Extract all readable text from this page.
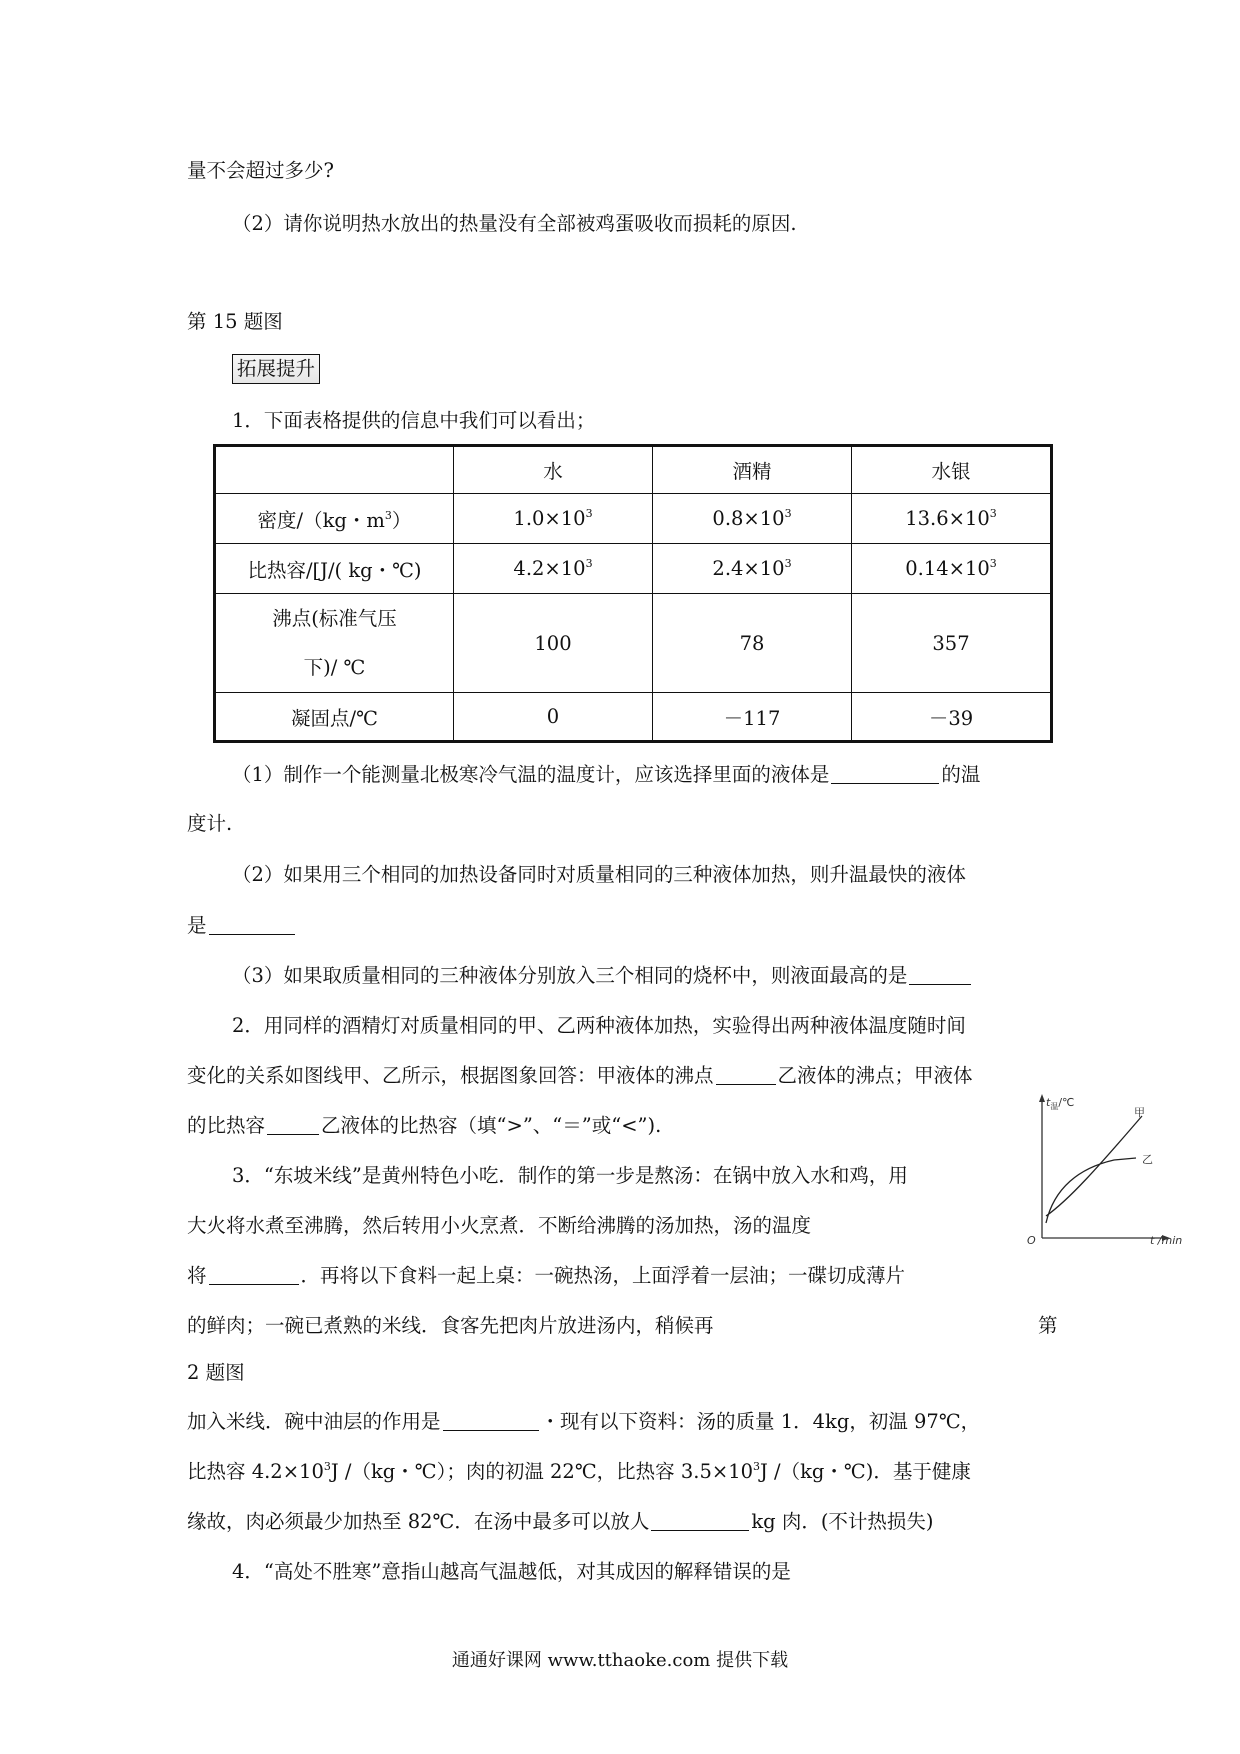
量不会超过多少?
（2）请你说明热水放出的热量没有全部被鸡蛋吸收而损耗的原因.
第 15 题图
拓展提升
1．下面表格提供的信息中我们可以看出；
	水	酒精	水银
密度/（kg・$m^3$）	$1.0\times 10^3$	$0.8\times 10^3$	$13.6\times 10^3$
比热容/[J/( kg・℃)	$4.2\times 10^3$	$2.4\times 10^3$	$0.14\times 10^3$

沸点(标准气压
下)/ ℃	100	78	357
凝固点/℃	0	－117	－39
（1）制作一个能测量北极寒冷气温的温度计，应该选择里面的液体是	的温
度计.
（2）如果用三个相同的加热设备同时对质量相同的三种液体加热，则升温最快的液体
是
（3）如果取质量相同的三种液体分别放入三个相同的烧杯中，则液面最高的是
2．用同样的酒精灯对质量相同的甲、乙两种液体加热，实验得出两种液体温度随时间
变化的关系如图线甲、乙所示，根据图象回答：甲液体的沸点	乙液体的沸点；甲液体
的比热容	乙液体的比热容（填“>”、“＝”或“<”).
3．“东坡米线”是黄州特色小吃．制作的第一步是熬汤：在锅中放入水和鸡，用
大火将水煮至沸腾，然后转用小火烹煮．不断给沸腾的汤加热，汤的温度
将	．再将以下食料一起上桌：一碗热汤，上面浮着一层油；一碟切成薄片
的鲜肉；一碗已煮熟的米线．食客先把肉片放进汤内，稍候再	第
2 题图
加入米线．碗中油层的作用是	・现有以下资料：汤的质量 1．4kg，初温 97℃，
比热容 $4.2\times 10^3J$ /（kg・℃）；肉的初温 22℃，比热容 $3.5\times 10^3J$ /（kg・℃)．基于健康
缘故，肉必须最少加热至 82℃．在汤中最多可以放人	kg 肉．(不计热损失)
4．“高处不胜寒”意指山越高气温越低，对其成因的解释错误的是
$t_温/℃$
t /min
O
甲
乙
通通好课网 www.tthaoke.com 提供下载
